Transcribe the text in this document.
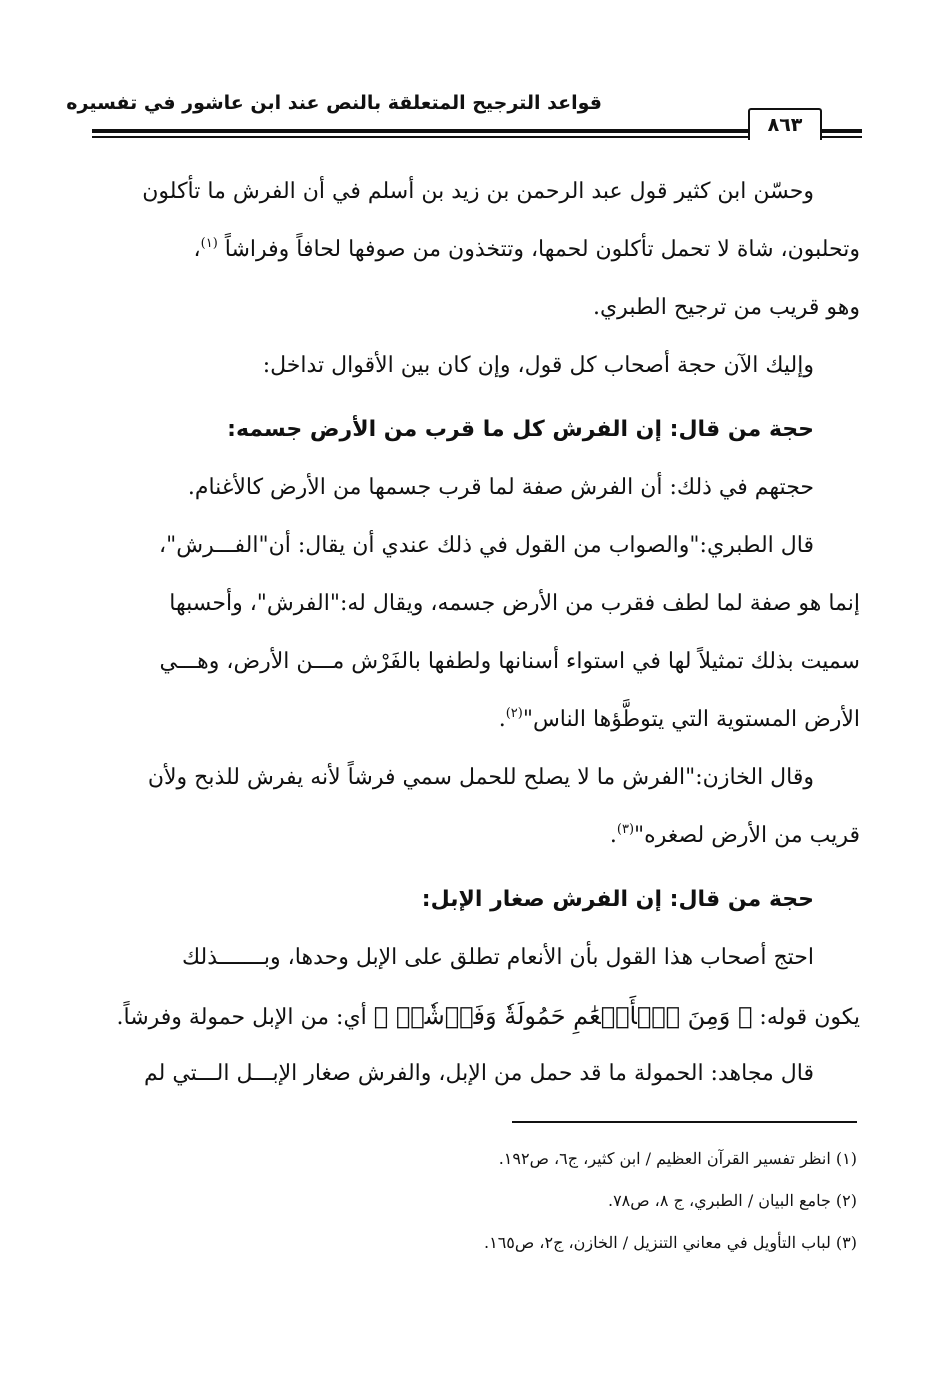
قواعد الترجيح المتعلقة بالنص عند ابن عاشور في تفسيره
٨٦٣
وحسّن ابن كثير قول عبد الرحمن بن زيد بن أسلم في أن الفرش ما تأكلون
وتحلبون، شاة لا تحمل تأكلون لحمها، وتتخذون من صوفها لحافاً وفراشاً $^{(١)}$،
وهو قريب من ترجيح الطبري.
وإليك الآن حجة أصحاب كل قول، وإن كان بين الأقوال تداخل:
حجة من قال: إن الفرش كل ما قرب من الأرض جسمه:
حجتهم في ذلك: أن الفرش صفة لما قرب جسمها من الأرض كالأغنام.
قال الطبري:"والصواب من القول في ذلك عندي أن يقال: أن"الفـــرش"،
إنما هو صفة لما لطف فقرب من الأرض جسمه، ويقال له:"الفرش"، وأحسبها
سميت بذلك تمثيلاً لها في استواء أسنانها ولطفها بالفَرْش مـــن الأرض، وهـــي
الأرض المستوية التي يتوطَّؤها الناس"$^{(٢)}$.
وقال الخازن:"الفرش ما لا يصلح للحمل سمي فرشاً لأنه يفرش للذبح ولأن
قريب من الأرض لصغره"$^{(٣)}$.
حجة من قال: إن الفرش صغار الإبل:
احتج أصحاب هذا القول بأن الأنعام تطلق على الإبل وحدها، وبـــــــذلك
يكون قوله: ﴿ وَمِنَ ٱلۡأَنۡعَٰمِ حَمُولَةٗ وَفَرۡشٗاۚ ﴾ أي: من الإبل حمولة وفرشاً.
قال مجاهد: الحمولة ما قد حمل من الإبل، والفرش صغار الإبـــل الـــتي لم
(١) انظر تفسير القرآن العظيم / ابن كثير، ج٦، ص١٩٢.
(٢) جامع البيان / الطبري، ج ٨، ص٧٨.
(٣) لباب التأويل في معاني التنزيل / الخازن، ج٢، ص١٦٥.
